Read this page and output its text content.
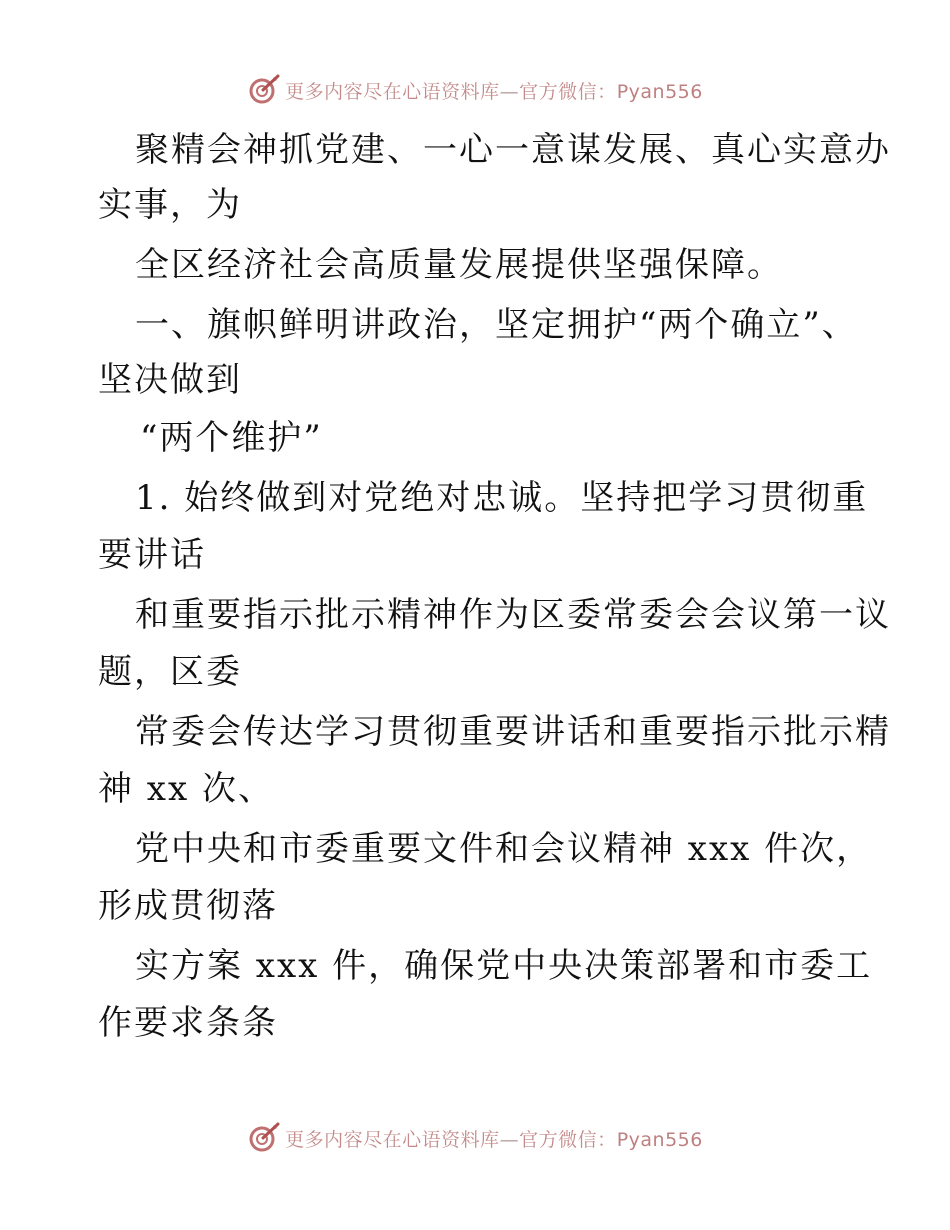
更多内容尽在心语资料库—官方微信：Pyan556
聚精会神抓党建、一心一意谋发展、真心实意办
实事，为
全区经济社会高质量发展提供坚强保障。
一、旗帜鲜明讲政治，坚定拥护“两个确立”、
坚决做到
“两个维护”
1. 始终做到对党绝对忠诚。坚持把学习贯彻重
要讲话
和重要指示批示精神作为区委常委会会议第一议
题，区委
常委会传达学习贯彻重要讲话和重要指示批示精
神 xx 次、
党中央和市委重要文件和会议精神 xxx 件次，
形成贯彻落
实方案 xxx 件，确保党中央决策部署和市委工
作要求条条
更多内容尽在心语资料库—官方微信：Pyan556
